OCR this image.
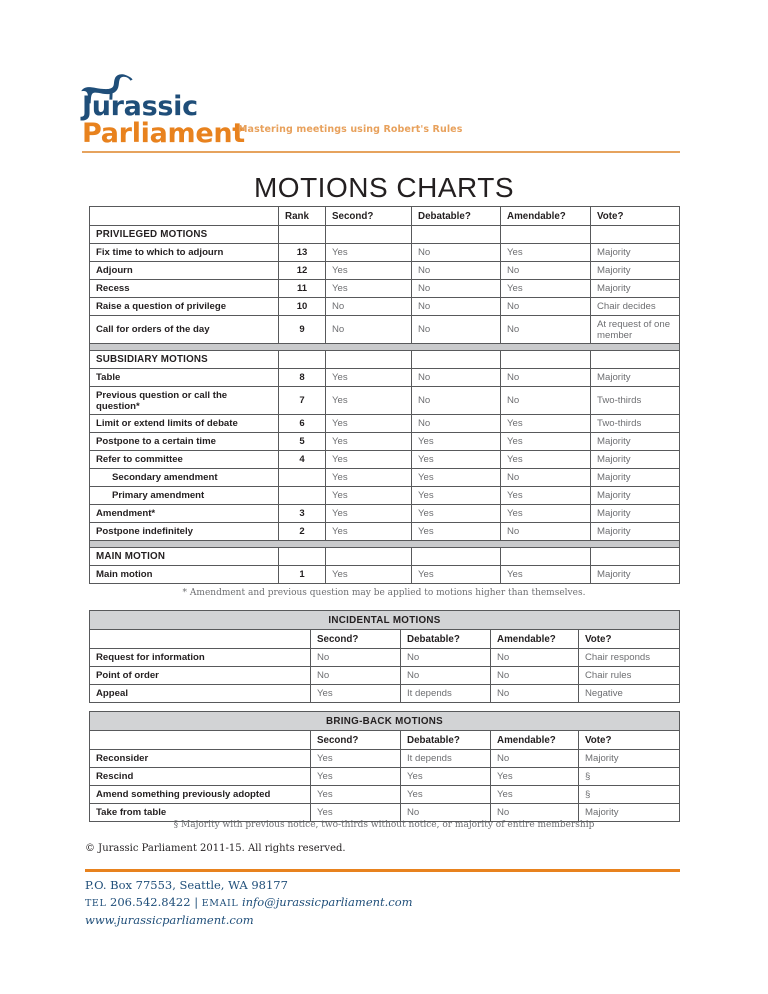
Jurassic
Parliament
Mastering meetings using Robert's Rules
MOTIONS CHARTS
	Rank	Second?	Debatable?	Amendable?	Vote?
PRIVILEGED MOTIONS					
Fix time to which to adjourn	13	Yes	No	Yes	Majority
Adjourn	12	Yes	No	No	Majority
Recess	11	Yes	No	Yes	Majority
Raise a question of privilege	10	No	No	No	Chair decides
Call for orders of the day	9	No	No	No	At request of one member

SUBSIDIARY MOTIONS					
Table	8	Yes	No	No	Majority
Previous question or call the question*	7	Yes	No	No	Two-thirds
Limit or extend limits of debate	6	Yes	No	Yes	Two-thirds
Postpone to a certain time	5	Yes	Yes	Yes	Majority
Refer to committee	4	Yes	Yes	Yes	Majority
Secondary amendment		Yes	Yes	No	Majority
Primary amendment		Yes	Yes	Yes	Majority
Amendment*	3	Yes	Yes	Yes	Majority
Postpone indefinitely	2	Yes	Yes	No	Majority

MAIN MOTION					
Main motion	1	Yes	Yes	Yes	Majority
* Amendment and previous question may be applied to motions higher than themselves.
INCIDENTAL MOTIONS				
	Second?	Debatable?	Amendable?	Vote?
Request for information	No	No	No	Chair responds
Point of order	No	No	No	Chair rules
Appeal	Yes	It depends	No	Negative
BRING-BACK MOTIONS				
	Second?	Debatable?	Amendable?	Vote?
Reconsider	Yes	It depends	No	Majority
Rescind	Yes	Yes	Yes	§
Amend something previously adopted	Yes	Yes	Yes	§
Take from table	Yes	No	No	Majority
§ Majority with previous notice, two-thirds without notice, or majority of entire membership
© Jurassic Parliament 2011-15. All rights reserved.
P.O. Box 77553, Seattle, WA 98177
TEL 206.542.8422 | EMAIL info@jurassicparliament.com
www.jurassicparliament.com
